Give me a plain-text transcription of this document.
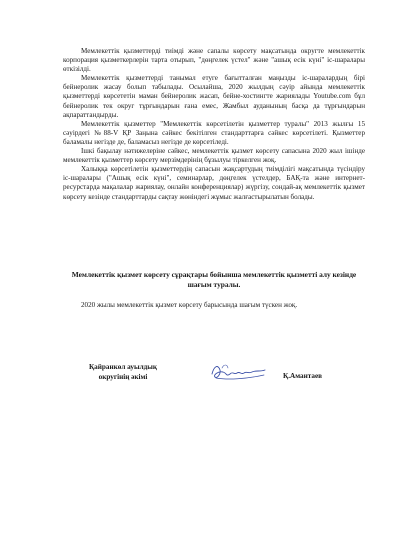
Мемлекеттік қызметтерді тиімді және сапалы көрсету мақсатында округте мемлекеттік корпорация қызметкерлерін тарта отырып, "дөңгелек үстел" және "ашық есік күні" іс-шаралары өткізілді.

Мемлекеттік қызметтерді танымал етуге бағытталған маңызды іс-шаралардың бірі бейнеролик жасау болып табылады. Осылайша, 2020 жылдың сәуір айында мемлекеттік қызметтерді көрсететін маман бейнеролик жасап, бейне-хостингте жариялады Youtube.com бұл бейнеролик тек округ тұрғындарын ғана емес, Жамбыл ауданының басқа да тұрғындарын ақпараттандырды.

Мемлекеттік қызметтер "Мемлекеттік көрсетілетін қызметтер туралы" 2013 жылғы 15 сәуірдегі №88-V ҚР Заңына сәйкес бекітілген стандарттарға сәйкес көрсетілеті. Қызметтер баламалы негізде де, баламасыз негізде де көрсетіледі.

Ішкі бақылау нәтижелеріне сәйкес, мемлекеттік қызмет көрсету сапасына 2020 жыл ішінде мемлекеттік қызметтер көрсету мерзімдерінің бұзылуы тіркелген жоқ.

Халыққа көрсетілетін қызметтердің сапасын жақсартудың тиімділігі мақсатында түсіндіру іс-шаралары ("Ашық есік күні", семинарлар, дөңгелек үстелдер, БАҚ-та және интернет-ресурстарда мақалалар жариялау, онлайн конференциялар) жүргізу, сондай-ақ мемлекеттік қызмет көрсету кезінде стандарттарды сақтау жөніндегі жұмыс жалғастырылатын болады.

Мемлекеттік қызмет көрсету сұрақтары бойынша мемлекеттік қызметті алу кезінде шағым туралы.
2020 жылы мемлекеттік қызмет көрсету барысында шағым түскен жоқ.
Қайранкөл ауылдық
округінің әкімі	Қ.Амантаев
